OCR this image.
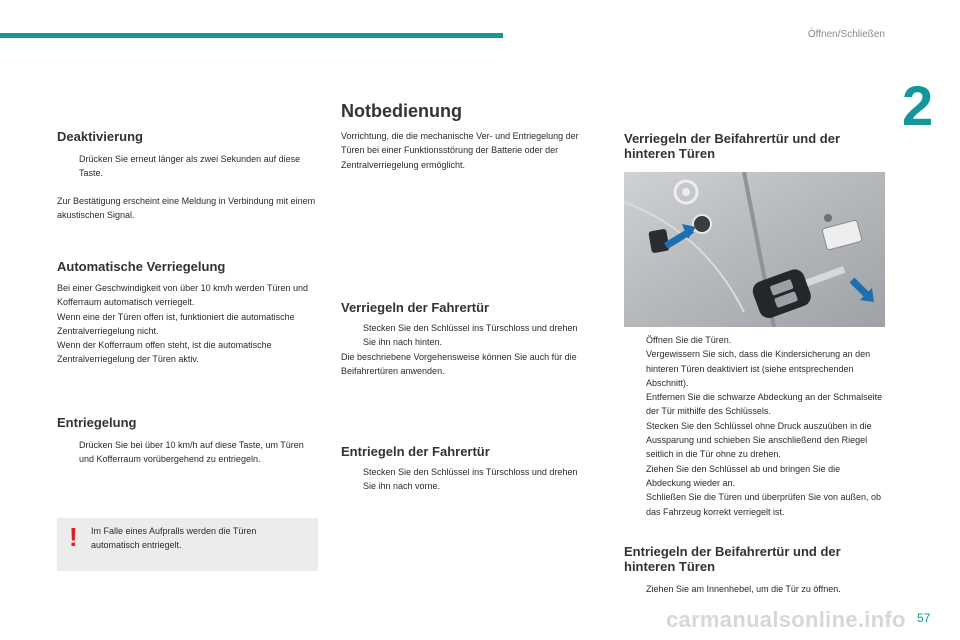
Öffnen/Schließen
2
Deaktivierung
Drücken Sie erneut länger als zwei Sekunden auf diese Taste.

Zur Bestätigung erscheint eine Meldung in Verbindung mit einem akustischen Signal.

Automatische Verriegelung

Bei einer Geschwindigkeit von über 10 km/h werden Türen und Kofferraum automatisch verriegelt.
Wenn eine der Türen offen ist, funktioniert die automatische Zentralverriegelung nicht.
Wenn der Kofferraum offen steht, ist die automatische Zentralverriegelung der Türen aktiv.

Entriegelung
Drücken Sie bei über 10 km/h auf diese Taste, um Türen und Kofferraum vorübergehend zu entriegeln.
! Im Falle eines Aufpralls werden die Türen automatisch entriegelt.
Notbedienung

Vorrichtung, die die mechanische Ver- und Entriegelung der Türen bei einer Funktionsstörung der Batterie oder der Zentralverriegelung ermöglicht.

Verriegeln der Fahrertür
Stecken Sie den Schlüssel ins Türschloss und drehen Sie ihn nach hinten.

Die beschriebene Vorgehensweise können Sie auch für die Beifahrertüren anwenden.

Entriegeln der Fahrertür
Stecken Sie den Schlüssel ins Türschloss und drehen Sie ihn nach vorne.
Verriegeln der Beifahrertür und der hinteren Türen
Öffnen Sie die Türen.
Vergewissern Sie sich, dass die Kindersicherung an den hinteren Türen deaktiviert ist (siehe entsprechenden Abschnitt).
Entfernen Sie die schwarze Abdeckung an der Schmalseite der Tür mithilfe des Schlüssels.
Stecken Sie den Schlüssel ohne Druck auszuüben in die Aussparung und schieben Sie anschließend den Riegel seitlich in die Tür ohne zu drehen.
Ziehen Sie den Schlüssel ab und bringen Sie die Abdeckung wieder an.
Schließen Sie die Türen und überprüfen Sie von außen, ob das Fahrzeug korrekt verriegelt ist.
Entriegeln der Beifahrertür und der hinteren Türen
Ziehen Sie am Innenhebel, um die Tür zu öffnen.
carmanualsonline.info 57
